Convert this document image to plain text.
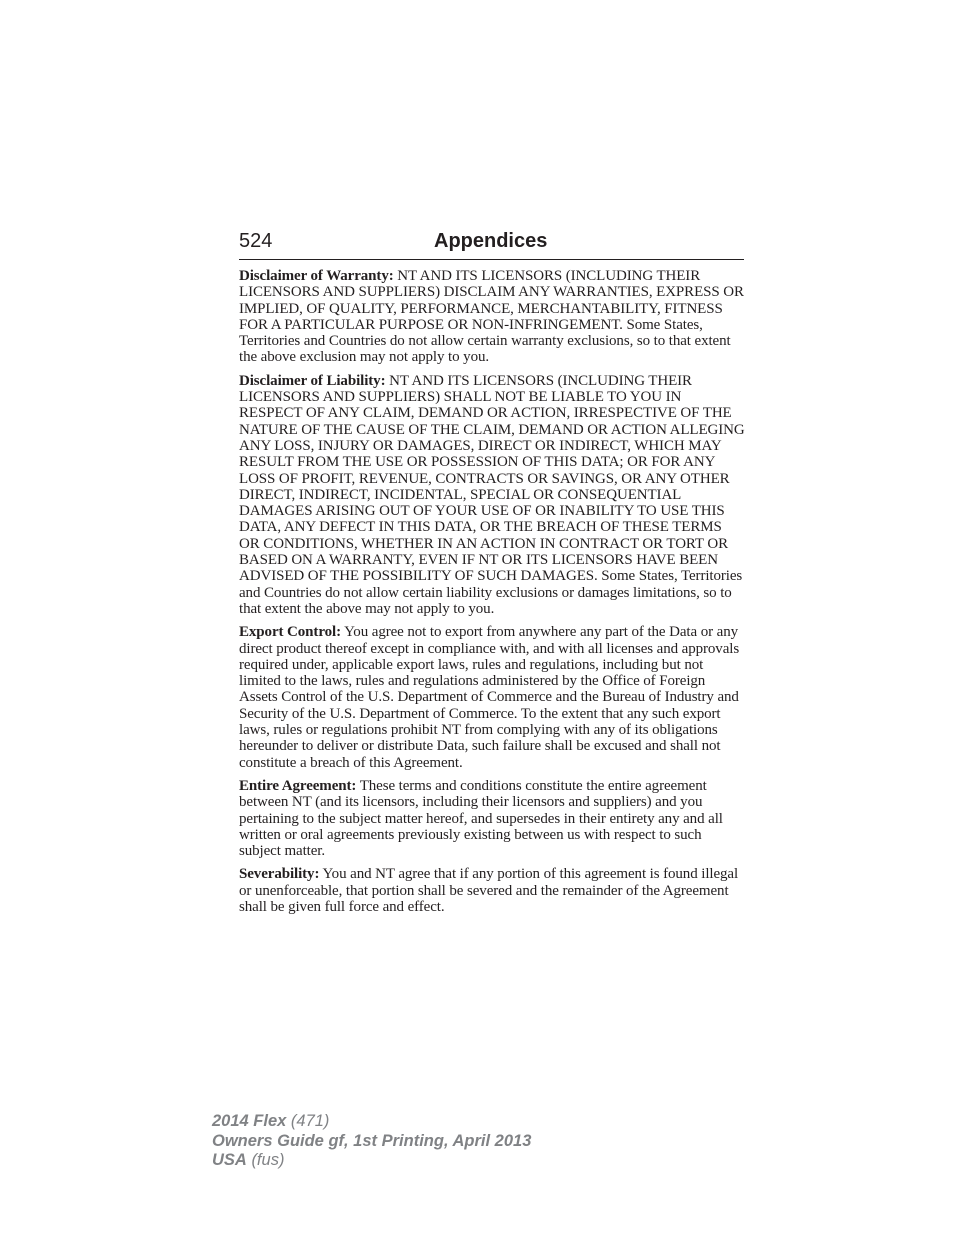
524	Appendices

Disclaimer of Warranty: NT AND ITS LICENSORS (INCLUDING THEIR LICENSORS AND SUPPLIERS) DISCLAIM ANY WARRANTIES, EXPRESS OR IMPLIED, OF QUALITY, PERFORMANCE, MERCHANTABILITY, FITNESS FOR A PARTICULAR PURPOSE OR NON-INFRINGEMENT. Some States, Territories and Countries do not allow certain warranty exclusions, so to that extent the above exclusion may not apply to you.

Disclaimer of Liability: NT AND ITS LICENSORS (INCLUDING THEIR LICENSORS AND SUPPLIERS) SHALL NOT BE LIABLE TO YOU IN RESPECT OF ANY CLAIM, DEMAND OR ACTION, IRRESPECTIVE OF THE NATURE OF THE CAUSE OF THE CLAIM, DEMAND OR ACTION ALLEGING ANY LOSS, INJURY OR DAMAGES, DIRECT OR INDIRECT, WHICH MAY RESULT FROM THE USE OR POSSESSION OF THIS DATA; OR FOR ANY LOSS OF PROFIT, REVENUE, CONTRACTS OR SAVINGS, OR ANY OTHER DIRECT, INDIRECT, INCIDENTAL, SPECIAL OR CONSEQUENTIAL DAMAGES ARISING OUT OF YOUR USE OF OR INABILITY TO USE THIS DATA, ANY DEFECT IN THIS DATA, OR THE BREACH OF THESE TERMS OR CONDITIONS, WHETHER IN AN ACTION IN CONTRACT OR TORT OR BASED ON A WARRANTY, EVEN IF NT OR ITS LICENSORS HAVE BEEN ADVISED OF THE POSSIBILITY OF SUCH DAMAGES. Some States, Territories and Countries do not allow certain liability exclusions or damages limitations, so to that extent the above may not apply to you.

Export Control: You agree not to export from anywhere any part of the Data or any direct product thereof except in compliance with, and with all licenses and approvals required under, applicable export laws, rules and regulations, including but not limited to the laws, rules and regulations administered by the Office of Foreign Assets Control of the U.S. Department of Commerce and the Bureau of Industry and Security of the U.S. Department of Commerce. To the extent that any such export laws, rules or regulations prohibit NT from complying with any of its obligations hereunder to deliver or distribute Data, such failure shall be excused and shall not constitute a breach of this Agreement.

Entire Agreement: These terms and conditions constitute the entire agreement between NT (and its licensors, including their licensors and suppliers) and you pertaining to the subject matter hereof, and supersedes in their entirety any and all written or oral agreements previously existing between us with respect to such subject matter.

Severability: You and NT agree that if any portion of this agreement is found illegal or unenforceable, that portion shall be severed and the remainder of the Agreement shall be given full force and effect.

2014 Flex (471)
Owners Guide gf, 1st Printing, April 2013
USA (fus)
